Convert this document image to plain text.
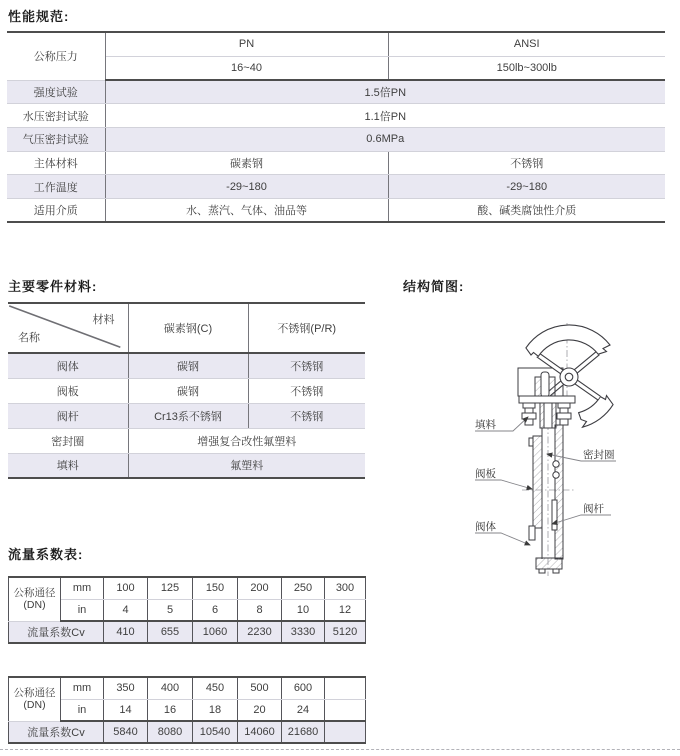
性能规范:
主要零件材料:	结构简图:
流量系数表:
公称压力	PN	ANSI
	16~40	150lb~300lb
强度试验	1.5倍PN	
水压密封试验	1.1倍PN	
气压密封试验	0.6MPa	
主体材料	碳素钢	不锈钢
工作温度	-29~180	-29~180
适用介质	水、蒸汽、气体、油品等	酸、碱类腐蚀性介质
材料
名称	碳素钢(C)	不锈钢(P/R)
阀体	碳钢	不锈钢
阀板	碳钢	不锈钢
阀杆	Cr13系不锈钢	不锈钢
密封圈	增强复合改性氟塑料	
填料	氟塑料	
填料
密封圈
阀板
阀杆
阀体
公称通径
(DN)	mm	100	125	150	200	250	300
	in	4	5	6	8	10	12
流量系数Cv		410	655	1060	2230	3330	5120
公称通径
(DN)	mm	350	400	450	500	600	
	in	14	16	18	20	24	
流量系数Cv		5840	8080	10540	14060	21680	
